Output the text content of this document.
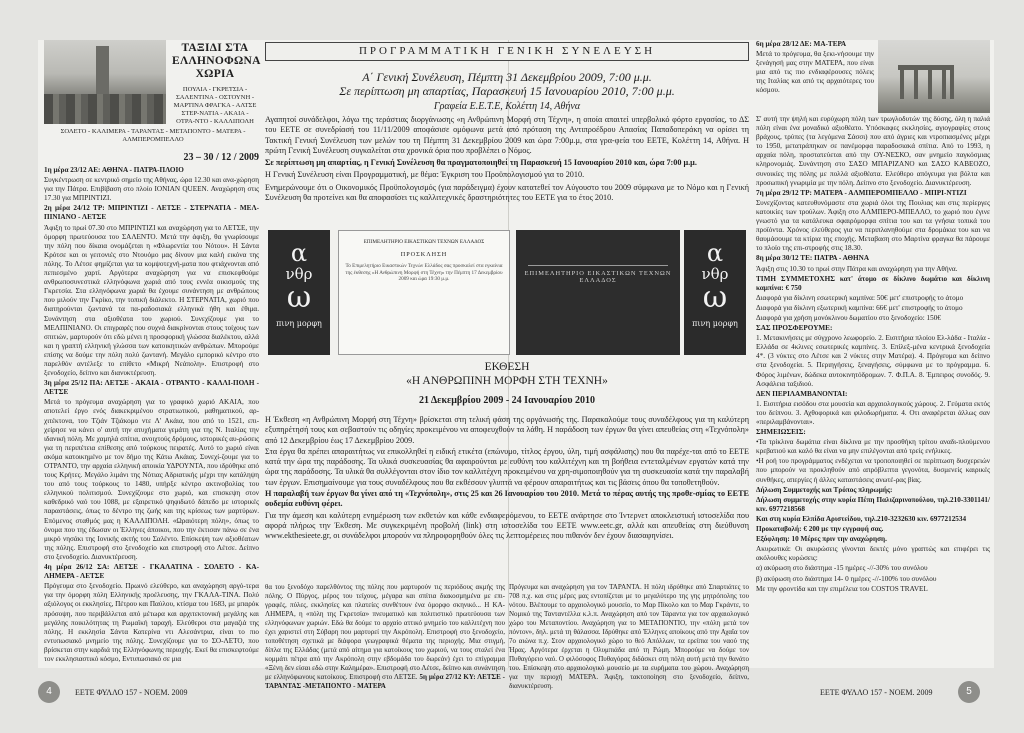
ΤΑΞΙΔΙ ΣΤΑ ΕΛΛΗΝΟΦΩΝΑ ΧΩΡΙΑ
ΠΟΥΛΙΑ - ΓΚΡΕΤΣΙΑ - ΣΑΛΕΝΤΙΝΑ - ΟΣΤΟΥΝΗ - ΜΑΡΤΙΝΑ ΦΡΑΓΚΑ - ΑΛΤΣΕ ΣΤΕΡ-ΝΑΤΙΑ - ΑΚΑΙΑ - ΟΤΡΑ-ΝΤΟ - ΚΑΛΛΙΠΟΛΗ
ΣΟΛΕΤΟ - ΚΑΛΙΜΕΡΑ - ΤΑΡΑΝΤΑΣ - ΜΕΤΑΠΟΝΤΟ - ΜΑΤΕΡΑ - ΑΛΜΠΕΡΟΜΠΕΛΛΟ

23 – 30 / 12 / 2009

1η μέρα 23/12 ΑΕ: ΑΘΗΝΑ - ΠΑΤΡΑ-ΠΛΟΙΟ

Συγκέντρωση σε κεντρικό σημείο της Αθήνας, ώρα 12.30 και ανα-χώρηση για την Πάτρα. Επιβίβαση στο πλοίο IONIAN QUEEN. Αναχώρηση στις 17.30 για ΜΠΡΙΝΤΙΖΙ.

2η μέρα 24/12 ΤΡ: ΜΠΡΙΝΤΙΖΙ - ΛΕΤΣΕ - ΣΤΕΡΝΑΤΙΑ - ΜΕΛ-ΠΙΝΙΑΝΟ - ΛΕΤΣΕ

Άφιξη το πρωί 07.30 στο ΜΠΡΙΝΤΙΖΙ και αναχώρηση για το ΛΕΤΣΕ, την όμορφη πρωτεύουσα του ΣΑΛΕΝΤΟ. Μετά την άφιξη, θα γνωρίσουμε την πόλη που δίκαια ονομάζεται η «Φλωρεντία του Νότου». Η Σάντα Κρότσε και οι γειτονιές στο Ντουόμο μας δίνουν μια καλή εικόνα της πόλης. Το Λέτσε φημίζεται για τα κομψοτεχνή-ματα που φτιάχνονται από πεπιεσμένο χαρτί. Αργότερα αναχώρηση για να επισκεφθούμε ανθρωποσυνεστικά ελληνόφωνα χωριά από τους εννέα οικισμούς της Γκρετσία. Στα ελληνόφωνα χωριά θα έχουμε συνάντηση με ανθρώπους που μιλούν την Γκρίκο, την τοπική διάλεκτο. Η ΣΤΕΡΝΑΤΙΑ, χωριό που διατηρούνται ζωντανά τα πα-ραδοσιακά ελληνικά ήθη και έθιμα. Συνάντηση στα αξιοθέατα του χωριού. Συνεχίζουμε για το ΜΕΛΠΙΝΙΑΝΟ. Οι επιγραφές που συχνά διακρίνονται στους τοίχους των σπιτιών, μαρτυρούν ότι εδώ μένει η προσφορική γλώσσα διαλέκτου, αλλά και η γραπτή ελληνική γλώσσα των κατοικητικών ανθρώπων. Μπορούμε επίσης να δούμε την πόλη πολύ ζωντανή. Μεγάλο εμπορικό κέντρο στο παρελθόν αντέλεξε το επίθετο «Μικρή Νεάπολη». Επιστροφή στο ξενοδοχείο, δείπνο και διανυκτέρευση.

3η μέρα 25/12 ΠΑ: ΛΕΤΣΕ - ΑΚΑΙΑ - ΟΤΡΑΝΤΟ - ΚΑΛΛΙ-ΠΟΛΗ - ΛΕΤΣΕ

Μετά το πρόγευμα αναχώρηση για το γραφικό χωριό ΑΚΑΙΑ, που αποτελεί έργο ενός διακεκριμένου στρατιωτικού, μαθηματικού, αρ-χιτέκτονα, του Τζιάν Τζιάκομο ντε Λ' Ακάια, που από το 1521, επι-χείρησε να κάνει ο' αυτή την ατυχήματα γεμάτη για της Ν. Ιταλίας την ιδανική πόλη. Με χαμηλά σπίτια, ανοιχτούς δρόμους, ιστορικές αυ-ρώσεις για τη περιπέτεια επίθεσης από τούρκους πειρατές. Αυτό το χωριό είναι ακόμα κατοικημένο με τον δήμο της Κάτω Ακάιας. Συνεχί-ζουμε για το ΟΤΡΑΝΤΟ, την αρχαία ελληνική αποικία ΥΔΡΟΥΝΤΑ, που ιδρύθηκε από τους Κρήτες. Μεγάλο λιμάνι της Νότιας Αδριατικής μέχρι την κατάληψη του από τους τούρκους το 1480, υπήρξε κέντρο ακτινοβολίας του ελληνικού πολιτισμού. Συνεχίζουμε στο χωριό, και επισκεψη στον καθεδρικό ναό του 1088, με εξαιρετικό ψηφιδωτό δάπεδο με ιστορικές παραστάσεις, όπως το δέντρο της ζωής και της κρίσεως των μαρτύρων. Επόμενος σταθμός μας η ΚΑΛΛΙΠΟΛΗ. «Ωραιότερη πόλη», όπως το όνομα που της έδωσαν οι Έλληνες άποικοι, που την έκτισαν πάνω σε ένα μικρό νησάκι της Ιονικής ακτής του Σαλέντο. Επίσκεψη των αξιοθέατων της πόλης. Επιστροφή στο ξενοδοχείο και επιστροφή στο Λέτσε. Δείπνο στο ξενοδοχείο. Διανυκτέρευση.

4η μέρα 26/12 ΣΑ: ΛΕΤΣΕ - ΓΚΑΛΑΤΙΝΑ - ΣΟΛΕΤΟ - ΚΑ-ΛΗΜΕΡΑ - ΛΕΤΣΕ

Πρόγευμα στο ξενοδοχείο. Πρωινό ελεύθερο, και αναχώρηση αργό-τερα για την όμορφη πόλη Ελληνικής προέλευσης, την ΓΚΑΛΑ-ΤΙΝΑ. Πολύ αξιόλογος οι εκκλησίες, Πέτρου και Παύλου, κτίσμα του 1683, με μπαρόκ πρόσοψη, που περιβάλλεται από μέτωρα και αρχιτεκτονική μεγάλης και μεγάλης ποικιλότητας τη Ρωμαϊκή ταραχή. Ελεύθεροι στα μαγαζιά της πόλης. Η εκκλησία Σάντα Κατερίνα ντι Αλεσάντρια, είναι το πιο εντυπωσιακό μνημείο της πόλης. Συνεχίζουμε για το ΣΟ-ΛΕΤΟ, που βρίσκεται στην καρδιά της Ελληνόφωνης περιοχής. Εκεί θα επισκεφτούμε τον εκκλησιαστικό κόσμο, Εντυπωσιακό σε μια

6η μέρα 28/12 ΔΕ: ΜΑ-ΤΕΡΑ

Μετά το πρόγευμα, θα ξεκι-νήσουμε την ξενάγησή μας στην ΜΑΤΕΡΑ, που είναι μια από τις πιο ενδιαφέρουσες πόλεις της Ιταλίας και από τις αρχαιότερες του κόσμου.

Σ' αυτή την ψηλή και ευρύχωρη πόλη των τρωγλοδυτών της δύσης, όλη η παλιά πόλη είναι ένα μοναδικό αξιοθέατο. Υπόσκαφες εκκλησίες, αγιογραφίες στους βράχους, τρύπες (τα λεγόμενα Σάσσι) που από άγριες και ντροπιασμένες μέχρι το 1950, μετατράπηκαν σε πανέμορφα παραδοσιακά σπίτια. Από το 1993, η αρχαία πόλη, προστατεύεται από την ΟΥ-ΝΕΣΚΟ, σαν μνημείο παγκόσμιας κληρονομιάς. Συνάντηση στο ΣΑΣΟ ΜΠΑΡΙΖΑΝΟ και ΣΑΣΟ ΚΑΒΕΟΖΟ, συνοικίες της πόλης με πολλά αξιοθέατα. Ελεύθερο απόγευμα για βόλτα και προσωπική γνωριμία με την πόλη. Δείπνο στο ξενοδοχείο. Διανυκτέρευση.

7η μέρα 29/12 ΤΡ: ΜΑΤΕΡΑ - ΑΛΜΠΕΡΟΜΠΕΛΛΟ - ΜΠΡΙ-ΝΤΙΖΙ

Συνεχίζοντας κατευθυνόμαστε στα χωριά όλοι της Πουλιας και στις περίεργες κατοικίες των τρούλων. Άφιξη στο ΑΛΜΠΕΡΟ-ΜΠΕΛΛΟ, το χωριό που έγινε γνωστό για τα κατάλευκα σφαιρόμορφα σπίτια του και τα γνήσια τοπικά του προϊόντα. Χρόνος ελεύθερος για να περιπλανηθούμε στα δρομάκια του και να θαυμάσουμε τα κτίρια της εποχής. Μεταβαση στο Μαρτίνα φραγκα θα πάρουμε το πλοίο της επι-στροφής στις 18.30.

8η μέρα 30/12 ΤΕ: ΠΑΤΡΑ - ΑΘΗΝΑ

Άφιξη στις 10.30 το πρωί στην Πάτρα και αναχώρηση για την Αθήνα.

ΤΙΜΗ ΣΥΜΜΕΤΟΧΗΣ κατ' άτομο σε δίκλινο δωμάτιο και δίκλινη καμπίνα: € 750

Διαφορά για δίκλινη εσωτερική καμπίνα: 50€ μετ' επιστροφής το άτομο

Διαφορά για δίκλινη εξωτερική καμπίνα: 66€ μετ' επιστροφής το άτομο

Διαφορά για χρήση μονόκλινου δωματίου στο ξενοδοχείο: 150€

ΣΑΣ ΠΡΟΣΦΕΡΟΥΜΕ:

1. Μετακινήσεις με σύγχρονο λεωφορείο. 2. Εισιτήρια πλοίου Ελ-λάδα - Ιταλία - Ελλάδα σε 4κλινες εσωτερικές καμπίνες. 3. Επίλεξ-μένα κεντρικά ξενοδοχεία 4*. (3 νύκτες στο Λέτσε και 2 νύκτες στην Ματέρα). 4. Πρόγευμα και δείπνο στα ξενοδοχεία. 5. Περιηγήσεις, ξεναγήσεις, σύμφωνα με το πρόγραμμα. 6. Φόρος λιμένων, δώδεκα αυτοκινητόδρομων. 7. Φ.Π.Α. 8. Έμπειρος συνοδός. 9. Ασφάλεια ταξιδιού.

ΔΕΝ ΠΕΡΙΛΑΜΒΑΝΟΝΤΑΙ:

1. Εισιτήρια εισόδου στα μουσεία και αρχαιολογικούς χώρους. 2. Γεύματα εκτός του δείπνου. 3. Αχθοφορικά και φιλοδωρήματα. 4. Οτι αναφέρεται άλλως σαν «περιλαμβάνονται».

ΣΗΜΕΙΩΣΕΙΣ:

•Τα τρίκλινα δωμάτια είναι δίκλινα με την προσθήκη τρίτου αναδι-πλούμενου κρεβατιού και καλό θα είναι να μην επιλέγονται από τρείς ενήλικες.

•Η ροή του προγράμματος ενδέχεται να τροποποιηθεί σε περίπτωση δυσχερειών που μπορούν να προκληθούν από απρόβλεπτα γεγονότα, δυσμενείς καιρικές συνθήκες, απεργίες ή άλλες καταστάσεις ανωτέ-ρας βίας.

Δήλωση Συμμετοχής και Τρόπος πληρωμής:

Δήλωση συμμετοχής στην κυρία Πέπη Παλιζαρινοπούλου, τηλ.210-3301141/ κιν. 6977218568

Και στη κυρία Ελπίδα Αριστείδου, τηλ.210-3232630 κιν. 6977212534

Προκαταβολή: € 200 με την εγγραφή σας.

Εξόφληση: 10 Μέρες πριν την αναχώρηση.

Ακυρωτικά: Οι ακυρώσεις γίνονται δεκτές μόνο γραπτώς και επιφέρει τις ακόλουθες κυρώσεις:

α) ακύρωση στο διάστημα -15 ημέρες -//-30% του συνόλου

β) ακύρωση στο διάστημα 14- 0 ημέρες -//-100% του συνόλου

Με την φροντίδα και την επιμέλεια του COSTOS TRAVEL

ΠΡΟΓΡΑΜΜΑΤΙΚΗ ΓΕΝΙΚΗ ΣΥΝΕΛΕΥΣΗ
Α΄ Γενική Συνέλευση, Πέμπτη 31 Δεκεμβρίου 2009, 7:00 μ.μ.
Σε περίπτωση μη απαρτίας, Παρασκευή 15 Ιανουαρίου 2010, 7:00 μ.μ.
Γραφεία Ε.Ε.Τ.Ε, Κολέττη 14, Αθήνα
Αγαπητοί συνάδελφοι, λόγω της τεράστιας διοργάνωσης «η Ανθρώπινη Μορφή στη Τέχνη», η οποία απαιτεί υπερβολικό φόρτο εργασίας, το ΔΣ του ΕΕΤΕ σε συνεδρίασή του 11/11/2009 αποφάσισε ομόφωνα μετά από πρόταση της Αντιπροέδρου Απασίας Παπαδοπεράκη να ορίσει τη Τακτική Γενική Συνέλευση των μελών του τη Πέμπτη 31 Δεκεμβρίου 2009 και ώρα 7:00μ.μ, στα γρα-φεία του ΕΕΤΕ, Κολέττη 14, Αθήνα. Η πρώτη Γενική Συνέλευση συγκαλείται στα χρονικά όρια που προβλέπει ο Νόμος.
Σε περίπτωση μη απαρτίας, η Γενική Συνέλευση θα πραγματοποιηθεί τη Παρασκευή 15 Ιανουαρίου 2010 και, ώρα 7:00 μ.μ.
Η Γενική Συνέλευση είναι Προγραμματική, με θέμα: Έγκριση του Προϋπολογισμού για το 2010.
Ενημερώνουμε ότι ο Οικονομικός Προϋπολογισμός (για παράδειγμα) έχουν κατατεθεί τον Αύγουστο του 2009 σύμφωνα με το Νόμο και η Γενική Συνέλευση θα προτείνει και θα αποφασίσει τις καλλιτεχνικές δραστηριότητες του ΕΕΤΕ για το έτος 2010.
α
νθρ
ω
πινη μορφη
ΕΠΙΜΕΛΗΤΗΡΙΟ ΕΙΚΑΣΤΙΚΩΝ ΤΕΧΝΩΝ ΕΛΛΑΔΟΣ
ΠΡΟΣΚΛΗΣΗ
Το Επιμελητήριο Εικαστικών Τεχνών Ελλάδος σας προσκαλεί στα εγκαίνια της έκθεσης «Η Ανθρώπινη Μορφή στη Τέχνη» την Πέμπτη 17 Δεκεμβρίου 2009 και ώρα 19:30 μ.μ.
ΕΠΙΜΕΛΗΤΗΡΙΟ ΕΙΚΑΣΤΙΚΩΝ ΤΕΧΝΩΝ ΕΛΛΑΔΟΣ
α
νθρ
ω
πινη μορφη
ΕΚΘΕΣΗ
«Η ΑΝΘΡΩΠΙΝΗ ΜΟΡΦΗ ΣΤΗ ΤΕΧΝΗ»
21 Δεκεμβρίου 2009 - 24 Ιανουαρίου 2010
Η Έκθεση «η Ανθρώπινη Μορφή στη Τέχνη» βρίσκεται στη τελική φάση της οργάνωσής της. Παρακαλούμε τους συναδέλφους για τη καλύτερη εξυπηρέτησή τους και σεβαστούν τις οδηγίες προκειμένου να αποφευχθούν τα λάθη. Η παράδοση των έργων θα γίνει απευθείας στη «Τεχνόπολη» από 12 Δεκεμβρίου έως 17 Δεκεμβρίου 2009.
Στα έργα θα πρέπει απαραιτήτως να επικολληθεί η ειδική ετικέτα (επώνυμο, τίτλος έργου, ύλη, τιμή ασφάλισης) που θα παρέχε-ται από το ΕΕΤΕ κατά την ώρα της παράδοσης. Τα υλικά συσκευασίας θα αφαιρούνται με ευθύνη του καλλιτέχνη και τη βοήθεια εντεταλμένων εργατών κατά την ώρα της παράδοσης. Τα υλικά θα συλλέγονται στον ίδιο τον καλλιτέχνη προκειμένου να χρη-σιμοποιηθούν για τη συσκευασία κατά την παραλαβή των έργων. Επισημαίνουμε για τους συναδέλφους που θα εκθέσουν γλυπτά να φέρουν απαραιτήτως και τις βάσεις όπου θα τοποθετηθούν.
Η παραλαβή των έργων θα γίνει από τη «Τεχνόπολη», στις 25 και 26 Ιανουαρίου του 2010. Μετά το πέρας αυτής της προθε-σμίας το ΕΕΤΕ ουδεμία ευθύνη φέρει.
Για την άμεση και καλύτερη ενημέρωση των εκθετών και κάθε ενδιαφερόμενου, το ΕΕΤΕ ανάρτησε στο Ίντερνετ αποκλειστική ιστοσελίδα που αφορά πλήρως την Έκθεση. Με συγκεκριμένη προβολή (link) στη ιστοσελίδα του ΕΕΤΕ www.eetc.gr, αλλά και απευθείας στη διεύθυνση www.ekthesieete.gr, οι συνάδελφοι μπορούν να πληροφορηθούν όλες τις λεπτομέρειες που πιθανόν δεν έχουν διασαφηνίσει.
θα του ξενοδόχο παρελθόντος της πόλης που μαρτυρούν τις περιόδους ακμής της πόλης. Ο Πύργος, μέρος του τείχους, μέγαρα και σπίτια διακοσμημένα με επι-γραφές, πύλες, εκκλησίες και πλατείες συνθέτουν ένα όμορφο σκηνικό... Η ΚΑ-ΛΗΜΕΡΑ, η «πόλη της Γκρετσία» πνευματικό και πολιτιστικό πρωτεύουσα των ελληνόφωνων χωριών. Εδώ θα δούμε το αρχαίο αττικό μνημείο του καλλιτέχνη που έχει χαριστεί στη Σύβαρη που μαρτυρεί την Ακρόπολη. Επιστροφή στο ξενοδοχείο, τοποθέτηση σχετικά με διάφορα γεωγραφικά θέματα της περιοχής. Μια στιγμή, δίπλα της Ελλάδας (μετά από αίτημα για κατοίκους του χωριού, να τους σταλεί ένα κομμάτι πέτρα από την Ακρόπολη στην εβδομάδα του δωρεάν) έχει το επίγραμμα «Ξένη δεν είσαι εδώ στην Καλημέρα». Επιστροφή στο Λέτσε, δείπνο και συνάντηση με ελληνόφωνους κατοίκους. Επιστροφή στο ΛΕΤΣΕ. 5η μέρα 27/12 ΚΥ: ΛΕΤΣΕ - ΤΑΡΑΝΤΑΣ -ΜΕΤΑΠΟΝΤΟ - ΜΑΤΕΡΑ
Πρόγευμα και αναχώρηση για τον ΤΑΡΑΝΤΑ. Η πόλη ιδρύθηκε από Σπαρτιάτες το 708 π.χ. και στις μέρες μας εντοπίζεται με το μεγαλύτερο της γης μητρόπολης του νότου. Βλέπουμε το αρχαιολογικό μουσείο, το Μαρ Πίκολο και το Μαρ Γκράντε, το Νομικό της Τανταντέλλα κ.λ.π. Αναχώρηση από τον Τάραντα για τον αρχαιολογικό χώρο του Μεταποντίου. Αναχώρηση για το ΜΕΤΑΠΟΝΤΙΟ, την «πόλη μετά τον πόντον», δηλ. μετά τη θάλασσα. Ιδρύθηκε από Έλληνες αποίκους από την Αχαΐα τον 7ο αιώνα π.χ. Στον αρχαιολογικό χώρο το θεό Απόλλων, τα ερείπια του ναού της Ήρας. Αργότερα έρχεται η Ολυμπιάδα από τη Ρώμη. Μπορούμε να δούμε τον Πυθαγόρειο ναό. Ο φιλόσοφος Πυθαγόρας διδάσκει στη πόλη αυτή μετά την θανάτο του. Επίσκεψη στο αρχαιολογικό μουσείο με τα ευρήματα του χώρου. Αναχώρηση για την περιοχή ΜΑΤΕΡΑ. Άφιξη, τακτοποίηση στο ξενοδοχείο, δείπνο, διανυκτέρευση.
4	ΕΕΤΕ ΦΥΛΛΟ 157 - ΝΟΕΜ. 2009	ΕΕΤΕ ΦΥΛΛΟ 157 - ΝΟΕΜ. 2009	5
